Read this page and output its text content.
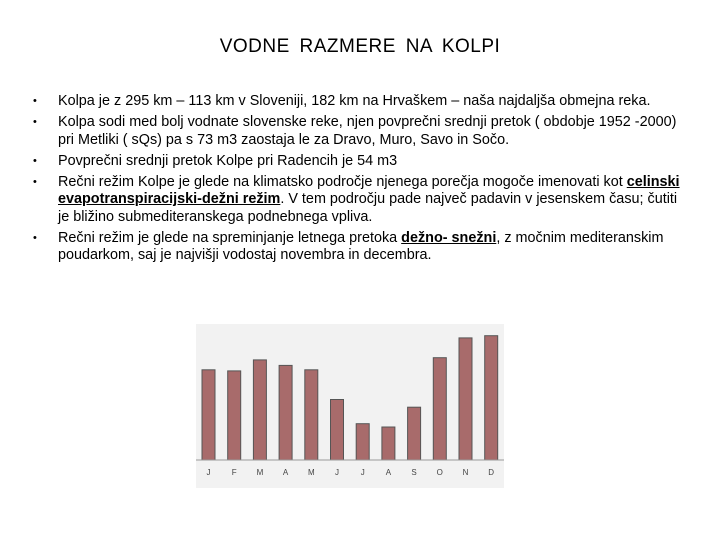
VODNE RAZMERE NA KOLPI
• Kolpa je z 295 km – 113 km v Sloveniji, 182 km na Hrvaškem – naša najdaljša obmejna reka.
• Kolpa sodi med bolj vodnate slovenske reke, njen povprečni srednji pretok ( obdobje 1952 -2000) pri Metliki ( sQs) pa s 73 m3 zaostaja le za Dravo, Muro, Savo in Sočo.
• Povprečni srednji pretok Kolpe pri Radencih je 54 m3
• Rečni režim Kolpe je glede na klimatsko področje njenega porečja mogoče imenovati kot celinski evapotranspiracijski-dežni režim. V tem področju pade največ padavin v jesenskem času; čutiti je bližino submediteranskega podnebnega vpliva.
• Rečni režim je glede na spreminjanje letnega pretoka dežno- snežni, z močnim mediteranskim poudarkom, saj je najvišji vodostaj novembra in decembra.
J	F M A M	J	J	A	S O N D
